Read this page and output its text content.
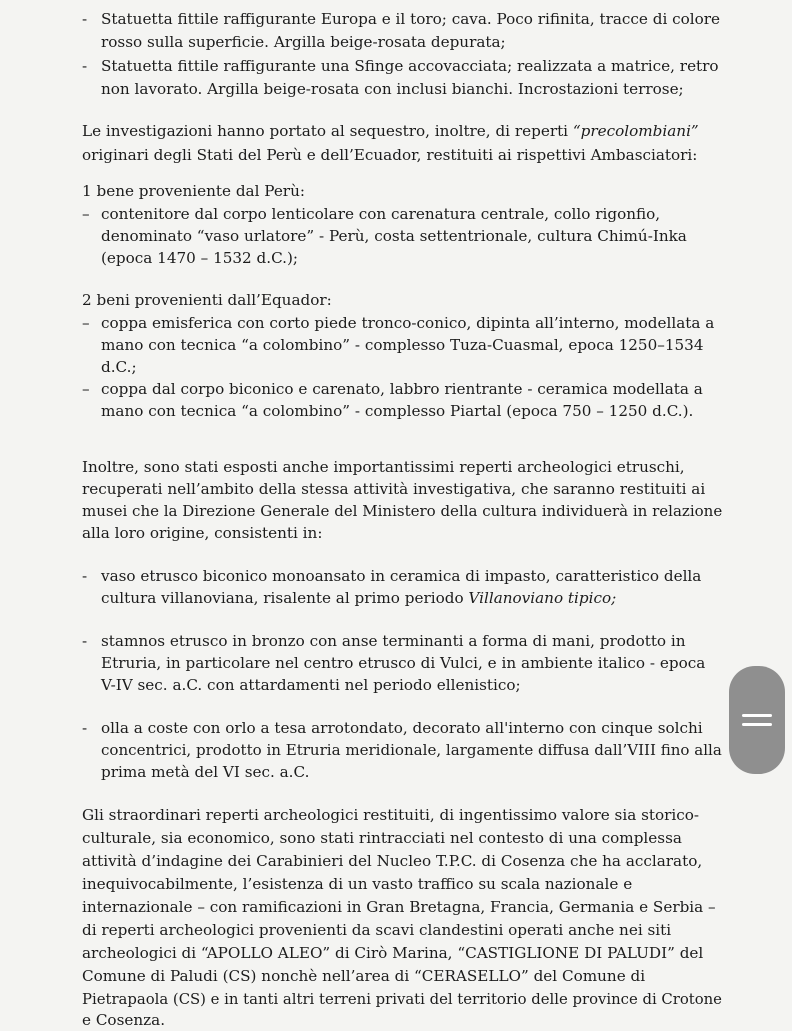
- Statuetta fittile raffigurante Europa e il toro; cava. Poco rifinita, tracce di colore
rosso sulla superficie. Argilla beige-rosata depurata;
- Statuetta fittile raffigurante una Sfinge accovacciata; realizzata a matrice, retro
non lavorato. Argilla beige-rosata con inclusi bianchi. Incrostazioni terrose;
Le investigazioni hanno portato al sequestro, inoltre, di reperti “precolombiani”
originari degli Stati del Perù e dell’Ecuador, restituiti ai rispettivi Ambasciatori:
1 bene proveniente dal Perù:
– contenitore dal corpo lenticolare con carenatura centrale, collo rigonfio,
denominato “vaso urlatore” - Perù, costa settentrionale, cultura Chimú-Inka
(epoca 1470 – 1532 d.C.);
2 beni provenienti dall’Equador:
– coppa emisferica con corto piede tronco-conico, dipinta all’interno, modellata a
mano con tecnica “a colombino” - complesso Tuza-Cuasmal, epoca 1250–1534
d.C.;
– coppa dal corpo biconico e carenato, labbro rientrante - ceramica modellata a
mano con tecnica “a colombino” - complesso Piartal (epoca 750 – 1250 d.C.).
Inoltre, sono stati esposti anche importantissimi reperti archeologici etruschi,
recuperati nell’ambito della stessa attività investigativa, che saranno restituiti ai
musei che la Direzione Generale del Ministero della cultura individuerà in relazione
alla loro origine, consistenti in:
- vaso etrusco biconico monoansato in ceramica di impasto, caratteristico della
cultura villanoviana, risalente al primo periodo Villanoviano tipico;
- stamnos etrusco in bronzo con anse terminanti a forma di mani, prodotto in
Etruria, in particolare nel centro etrusco di Vulci, e in ambiente italico - epoca
V-IV sec. a.C. con attardamenti nel periodo ellenistico;
- olla a coste con orlo a tesa arrotondato, decorato all'interno con cinque solchi
concentrici, prodotto in Etruria meridionale, largamente diffusa dall’VIII fino alla
prima metà del VI sec. a.C.
Gli straordinari reperti archeologici restituiti, di ingentissimo valore sia storico-
culturale, sia economico, sono stati rintracciati nel contesto di una complessa
attività d’indagine dei Carabinieri del Nucleo T.P.C. di Cosenza che ha acclarato,
inequivocabilmente, l’esistenza di un vasto traffico su scala nazionale e
internazionale – con ramificazioni in Gran Bretagna, Francia, Germania e Serbia –
di reperti archeologici provenienti da scavi clandestini operati anche nei siti
archeologici di “APOLLO ALEO” di Cirò Marina, “CASTIGLIONE DI PALUDI” del
Comune di Paludi (CS) nonchè nell’area di “CERASELLO” del Comune di
Pietrapaola (CS) e in tanti altri terreni privati del territorio delle province di Crotone
e Cosenza.
